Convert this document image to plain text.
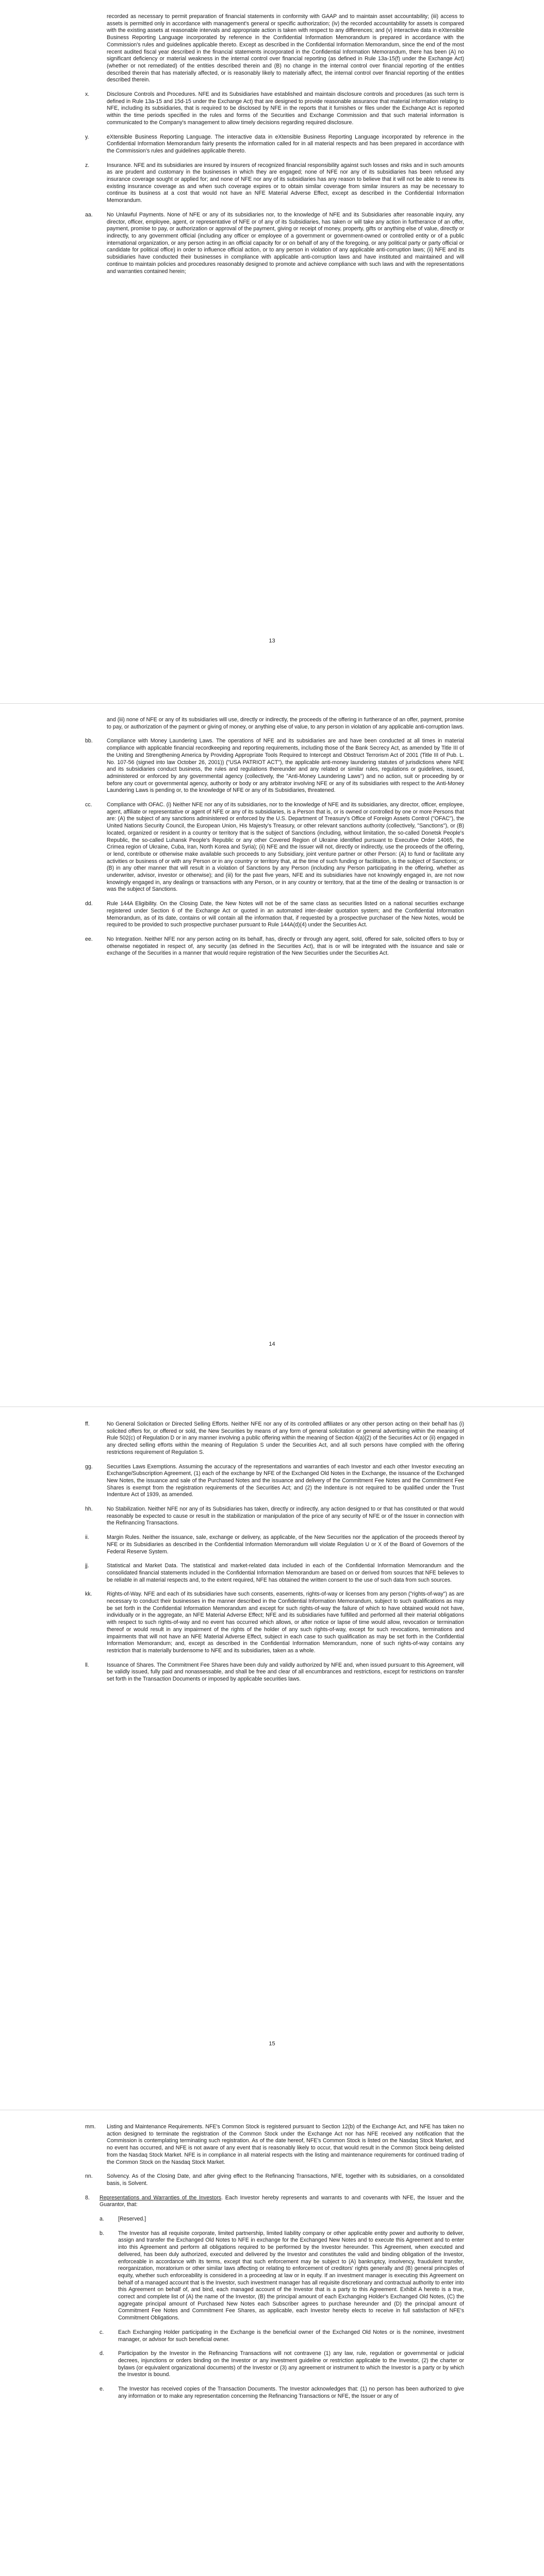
recorded as necessary to permit preparation of financial statements in conformity with GAAP and to maintain asset accountability; (iii) access to assets is permitted only in accordance with management's general or specific authorization; (iv) the recorded accountability for assets is compared with the existing assets at reasonable intervals and appropriate action is taken with respect to any differences; and (v) interactive data in eXtensible Business Reporting Language incorporated by reference in the Confidential Information Memorandum is prepared in accordance with the Commission's rules and guidelines applicable thereto. Except as described in the Confidential Information Memorandum, since the end of the most recent audited fiscal year described in the financial statements incorporated in the Confidential Information Memorandum, there has been (A) no significant deficiency or material weakness in the internal control over financial reporting (as defined in Rule 13a-15(f) under the Exchange Act) (whether or not remediated) of the entities described therein and (B) no change in the internal control over financial reporting of the entities described therein that has materially affected, or is reasonably likely to materially affect, the internal control over financial reporting of the entities described therein.
x.	Disclosure Controls and Procedures. NFE and its Subsidiaries have established and maintain disclosure controls and procedures (as such term is defined in Rule 13a-15 and 15d-15 under the Exchange Act) that are designed to provide reasonable assurance that material information relating to NFE, including its subsidiaries, that is required to be disclosed by NFE in the reports that it furnishes or files under the Exchange Act is reported within the time periods specified in the rules and forms of the Securities and Exchange Commission and that such material information is communicated to the Company's management to allow timely decisions regarding required disclosure.
y.	eXtensible Business Reporting Language. The interactive data in eXtensible Business Reporting Language incorporated by reference in the Confidential Information Memorandum fairly presents the information called for in all material respects and has been prepared in accordance with the Commission's rules and guidelines applicable thereto.
z.	Insurance. NFE and its subsidiaries are insured by insurers of recognized financial responsibility against such losses and risks and in such amounts as are prudent and customary in the businesses in which they are engaged; none of NFE nor any of its subsidiaries has been refused any insurance coverage sought or applied for; and none of NFE nor any of its subsidiaries has any reason to believe that it will not be able to renew its existing insurance coverage as and when such coverage expires or to obtain similar coverage from similar insurers as may be necessary to continue its business at a cost that would not have an NFE Material Adverse Effect, except as described in the Confidential Information Memorandum.
aa.	No Unlawful Payments. None of NFE or any of its subsidiaries nor, to the knowledge of NFE and its Subsidiaries after reasonable inquiry, any director, officer, employee, agent, or representative of NFE or of any of its Subsidiaries, has taken or will take any action in furtherance of an offer, payment, promise to pay, or authorization or approval of the payment, giving or receipt of money, property, gifts or anything else of value, directly or indirectly, to any government official (including any officer or employee of a government or government-owned or controlled entity or of a public international organization, or any person acting in an official capacity for or on behalf of any of the foregoing, or any political party or party official or candidate for political office) in order to influence official action, or to any person in violation of any applicable anti-corruption laws; (ii) NFE and its subsidiaries have conducted their businesses in compliance with applicable anti-corruption laws and have instituted and maintained and will continue to maintain policies and procedures reasonably designed to promote and achieve compliance with such laws and with the representations and warranties contained herein;
13
and (iii) none of NFE or any of its subsidiaries will use, directly or indirectly, the proceeds of the offering in furtherance of an offer, payment, promise to pay, or authorization of the payment or giving of money, or anything else of value, to any person in violation of any applicable anti-corruption laws.
bb.	Compliance with Money Laundering Laws. The operations of NFE and its subsidiaries are and have been conducted at all times in material compliance with applicable financial recordkeeping and reporting requirements, including those of the Bank Secrecy Act, as amended by Title III of the Uniting and Strengthening America by Providing Appropriate Tools Required to Intercept and Obstruct Terrorism Act of 2001 (Title III of Pub. L. No. 107-56 (signed into law October 26, 2001)) ("USA PATRIOT ACT"), the applicable anti-money laundering statutes of jurisdictions where NFE and its subsidiaries conduct business, the rules and regulations thereunder and any related or similar rules, regulations or guidelines, issued, administered or enforced by any governmental agency (collectively, the "Anti-Money Laundering Laws") and no action, suit or proceeding by or before any court or governmental agency, authority or body or any arbitrator involving NFE or any of its subsidiaries with respect to the Anti-Money Laundering Laws is pending or, to the knowledge of NFE or any of its Subsidiaries, threatened.
cc.	Compliance with OFAC. (i) Neither NFE nor any of its subsidiaries, nor to the knowledge of NFE and its subsidiaries, any director, officer, employee, agent, affiliate or representative or agent of NFE or any of its subsidiaries, is a Person that is, or is owned or controlled by one or more Persons that are: (A) the subject of any sanctions administered or enforced by the U.S. Department of Treasury's Office of Foreign Assets Control ("OFAC"), the United Nations Security Council, the European Union, His Majesty's Treasury, or other relevant sanctions authority (collectively, "Sanctions"), or (B) located, organized or resident in a country or territory that is the subject of Sanctions (including, without limitation, the so-called Donetsk People's Republic, the so-called Luhansk People's Republic or any other Covered Region of Ukraine identified pursuant to Executive Order 14065, the Crimea region of Ukraine, Cuba, Iran, North Korea and Syria); (ii) NFE and the Issuer will not, directly or indirectly, use the proceeds of the offering, or lend, contribute or otherwise make available such proceeds to any Subsidiary, joint venture partner or other Person: (A) to fund or facilitate any activities or business of or with any Person or in any country or territory that, at the time of such funding or facilitation, is the subject of Sanctions; or (B) in any other manner that will result in a violation of Sanctions by any Person (including any Person participating in the offering, whether as underwriter, advisor, investor or otherwise); and (iii) for the past five years, NFE and its subsidiaries have not knowingly engaged in, are not now knowingly engaged in, any dealings or transactions with any Person, or in any country or territory, that at the time of the dealing or transaction is or was the subject of Sanctions.
dd.	Rule 144A Eligibility. On the Closing Date, the New Notes will not be of the same class as securities listed on a national securities exchange registered under Section 6 of the Exchange Act or quoted in an automated inter-dealer quotation system; and the Confidential Information Memorandum, as of its date, contains or will contain all the information that, if requested by a prospective purchaser of the New Notes, would be required to be provided to such prospective purchaser pursuant to Rule 144A(d)(4) under the Securities Act.
ee.	No Integration. Neither NFE nor any person acting on its behalf, has, directly or through any agent, sold, offered for sale, solicited offers to buy or otherwise negotiated in respect of, any security (as defined in the Securities Act), that is or will be integrated with the issuance and sale or exchange of the Securities in a manner that would require registration of the New Securities under the Securities Act.
14
ff.	No General Solicitation or Directed Selling Efforts. Neither NFE nor any of its controlled affiliates or any other person acting on their behalf has (i) solicited offers for, or offered or sold, the New Securities by means of any form of general solicitation or general advertising within the meaning of Rule 502(c) of Regulation D or in any manner involving a public offering within the meaning of Section 4(a)(2) of the Securities Act or (ii) engaged in any directed selling efforts within the meaning of Regulation S under the Securities Act, and all such persons have complied with the offering restrictions requirement of Regulation S.
gg.	Securities Laws Exemptions. Assuming the accuracy of the representations and warranties of each Investor and each other Investor executing an Exchange/Subscription Agreement, (1) each of the exchange by NFE of the Exchanged Old Notes in the Exchange, the issuance of the Exchanged New Notes, the issuance and sale of the Purchased Notes and the issuance and delivery of the Commitment Fee Notes and the Commitment Fee Shares is exempt from the registration requirements of the Securities Act; and (2) the Indenture is not required to be qualified under the Trust Indenture Act of 1939, as amended.
hh.	No Stabilization. Neither NFE nor any of its Subsidiaries has taken, directly or indirectly, any action designed to or that has constituted or that would reasonably be expected to cause or result in the stabilization or manipulation of the price of any security of NFE or of the Issuer in connection with the Refinancing Transactions.
ii.	Margin Rules. Neither the issuance, sale, exchange or delivery, as applicable, of the New Securities nor the application of the proceeds thereof by NFE or its Subsidiaries as described in the Confidential Information Memorandum will violate Regulation U or X of the Board of Governors of the Federal Reserve System.
jj.	Statistical and Market Data. The statistical and market-related data included in each of the Confidential Information Memorandum and the consolidated financial statements included in the Confidential Information Memorandum are based on or derived from sources that NFE believes to be reliable in all material respects and, to the extent required, NFE has obtained the written consent to the use of such data from such sources.
kk.	Rights-of-Way. NFE and each of its subsidiaries have such consents, easements, rights-of-way or licenses from any person ("rights-of-way") as are necessary to conduct their businesses in the manner described in the Confidential Information Memorandum, subject to such qualifications as may be set forth in the Confidential Information Memorandum and except for such rights-of-way the failure of which to have obtained would not have, individually or in the aggregate, an NFE Material Adverse Effect; NFE and its subsidiaries have fulfilled and performed all their material obligations with respect to such rights-of-way and no event has occurred which allows, or after notice or lapse of time would allow, revocation or termination thereof or would result in any impairment of the rights of the holder of any such rights-of-way, except for such revocations, terminations and impairments that will not have an NFE Material Adverse Effect, subject in each case to such qualification as may be set forth in the Confidential Information Memorandum; and, except as described in the Confidential Information Memorandum, none of such rights-of-way contains any restriction that is materially burdensome to NFE and its subsidiaries, taken as a whole.
ll.	Issuance of Shares. The Commitment Fee Shares have been duly and validly authorized by NFE and, when issued pursuant to this Agreement, will be validly issued, fully paid and nonassessable, and shall be free and clear of all encumbrances and restrictions, except for restrictions on transfer set forth in the Transaction Documents or imposed by applicable securities laws.
15
mm. Listing and Maintenance Requirements. NFE's Common Stock is registered pursuant to Section 12(b) of the Exchange Act, and NFE has taken no action designed to terminate the registration of the Common Stock under the Exchange Act nor has NFE received any notification that the Commission is contemplating terminating such registration. As of the date hereof, NFE's Common Stock is listed on the Nasdaq Stock Market, and no event has occurred, and NFE is not aware of any event that is reasonably likely to occur, that would result in the Common Stock being delisted from the Nasdaq Stock Market. NFE is in compliance in all material respects with the listing and maintenance requirements for continued trading of the Common Stock on the Nasdaq Stock Market.
nn.	Solvency. As of the Closing Date, and after giving effect to the Refinancing Transactions, NFE, together with its subsidiaries, on a consolidated basis, is Solvent.
8. Representations and Warranties of the Investors. Each Investor hereby represents and warrants to and covenants with NFE, the Issuer and the Guarantor, that:
a.	[Reserved.]
b.	The Investor has all requisite corporate, limited partnership, limited liability company or other applicable entity power and authority to deliver, assign and transfer the Exchanged Old Notes to NFE in exchange for the Exchanged New Notes and to execute this Agreement and to enter into this Agreement and perform all obligations required to be performed by the Investor hereunder. This Agreement, when executed and delivered, has been duly authorized, executed and delivered by the Investor and constitutes the valid and binding obligation of the Investor, enforceable in accordance with its terms, except that such enforcement may be subject to (A) bankruptcy, insolvency, fraudulent transfer, reorganization, moratorium or other similar laws affecting or relating to enforcement of creditors' rights generally and (B) general principles of equity, whether such enforceability is considered in a proceeding at law or in equity. If an investment manager is executing this Agreement on behalf of a managed account that is the Investor, such investment manager has all requisite discretionary and contractual authority to enter into this Agreement on behalf of, and bind, each managed account of the Investor that is a party to this Agreement. Exhibit A hereto is a true, correct and complete list of (A) the name of the Investor, (B) the principal amount of each Exchanging Holder's Exchanged Old Notes, (C) the aggregate principal amount of Purchased New Notes each Subscriber agrees to purchase hereunder and (D) the principal amount of Commitment Fee Notes and Commitment Fee Shares, as applicable, each Investor hereby elects to receive in full satisfaction of NFE's Commitment Obligations.
c.	Each Exchanging Holder participating in the Exchange is the beneficial owner of the Exchanged Old Notes or is the nominee, investment manager, or advisor for such beneficial owner.
d.	Participation by the Investor in the Refinancing Transactions will not contravene (1) any law, rule, regulation or governmental or judicial decrees, injunctions or orders binding on the Investor or any investment guideline or restriction applicable to the Investor, (2) the charter or bylaws (or equivalent organizational documents) of the Investor or (3) any agreement or instrument to which the Investor is a party or by which the Investor is bound.
e.	The Investor has received copies of the Transaction Documents. The Investor acknowledges that: (1) no person has been authorized to give any information or to make any representation concerning the Refinancing Transactions or NFE, the Issuer or any of
